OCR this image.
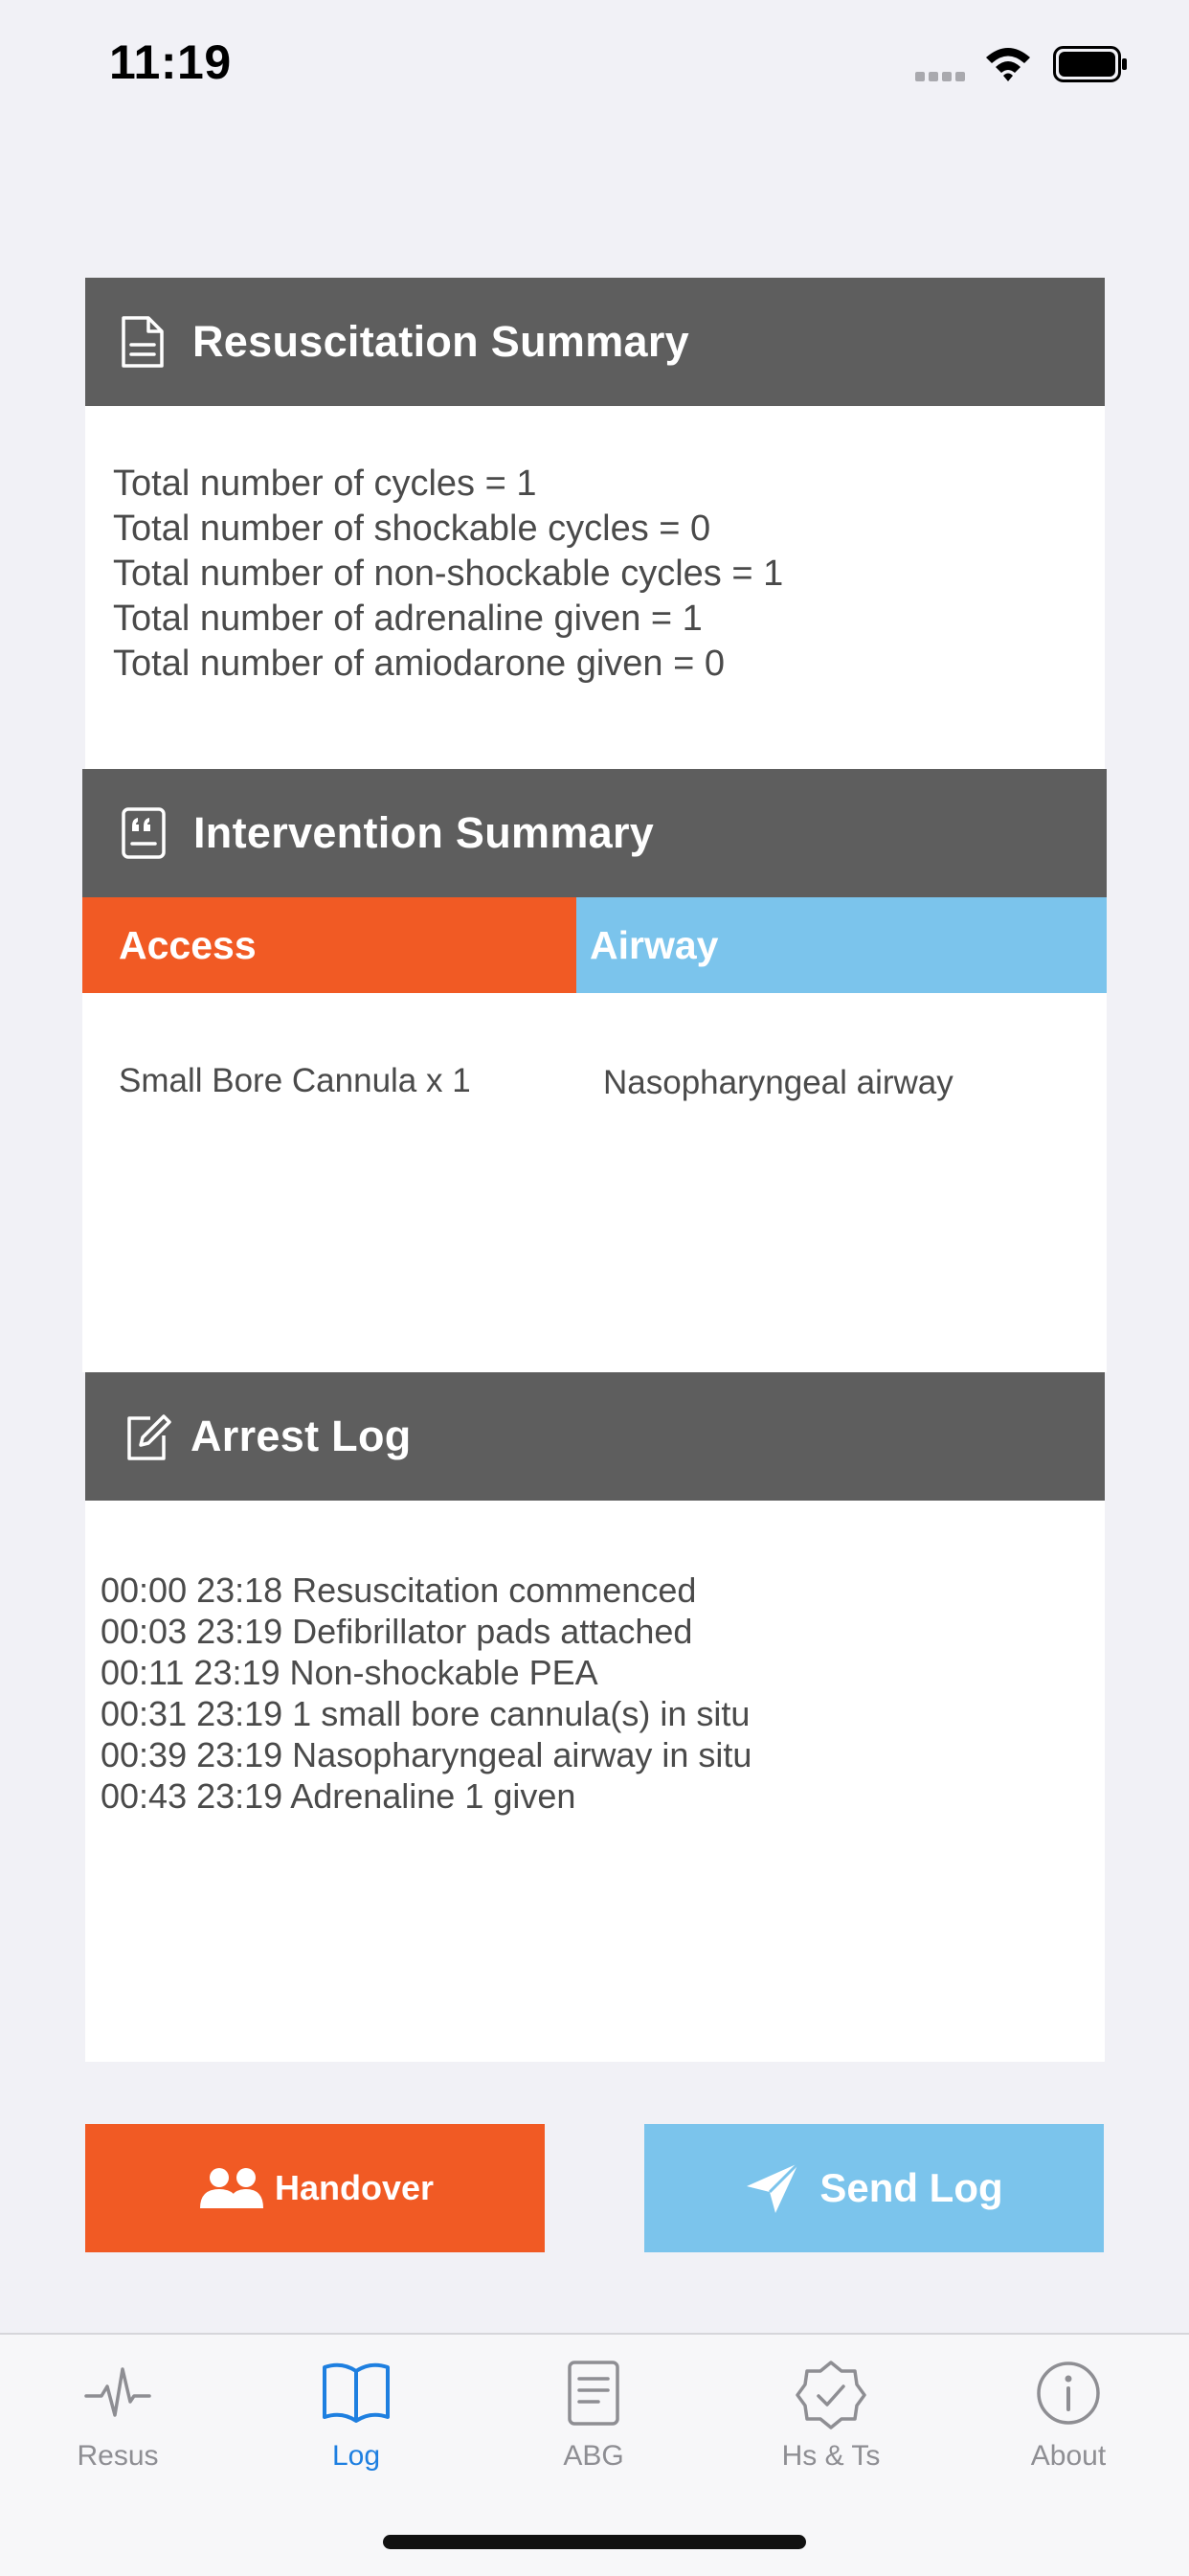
11:19
Resuscitation Summary
Total number of cycles = 1
Total number of shockable cycles = 0
Total number of non-shockable cycles = 1
Total number of adrenaline given = 1
Total number of amiodarone given = 0
Intervention Summary
Access	Airway
Small Bore Cannula x 1	Nasopharyngeal airway
Arrest Log
00:00 23:18 Resuscitation commenced
00:03 23:19 Defibrillator pads attached
00:11 23:19 Non-shockable PEA
00:31 23:19 1 small bore cannula(s) in situ
00:39 23:19 Nasopharyngeal airway in situ
00:43 23:19 Adrenaline 1 given
Handover	Send Log
Resus	Log	ABG	Hs & Ts	About
